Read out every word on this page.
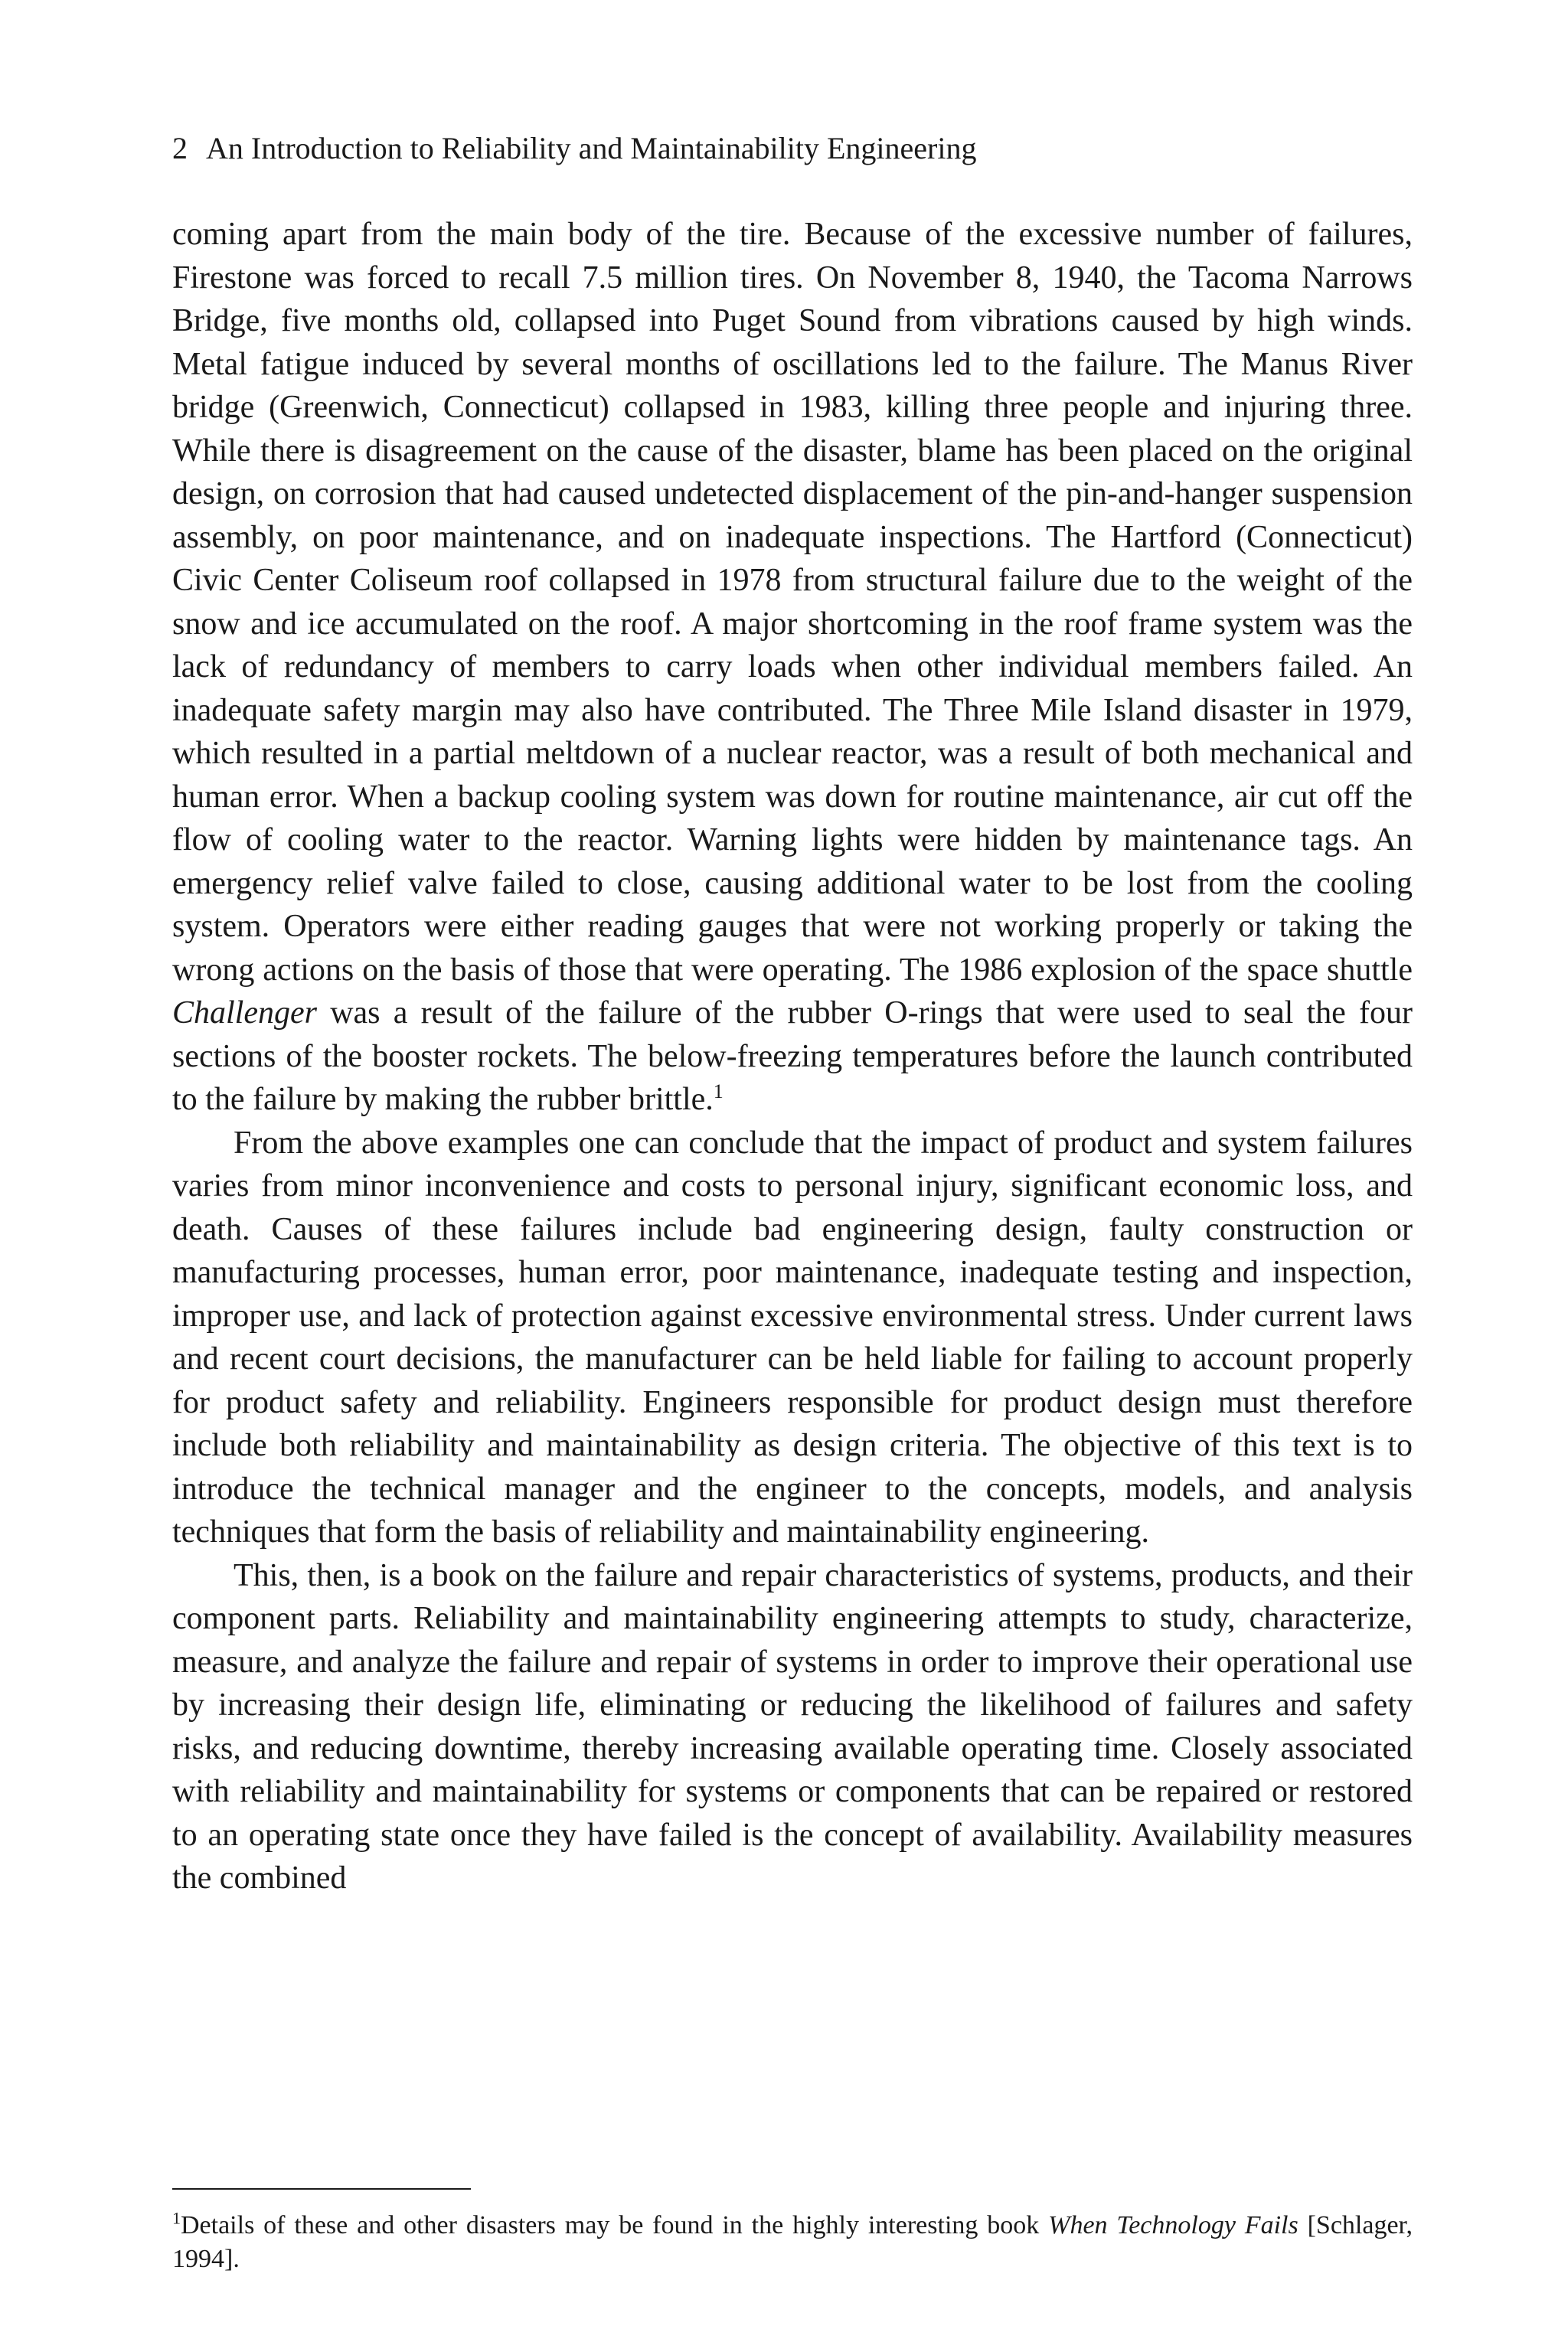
2 An Introduction to Reliability and Maintainability Engineering

coming apart from the main body of the tire. Because of the excessive number of failures, Firestone was forced to recall 7.5 million tires. On November 8, 1940, the Tacoma Narrows Bridge, five months old, collapsed into Puget Sound from vibrations caused by high winds. Metal fatigue induced by several months of oscillations led to the failure. The Manus River bridge (Greenwich, Connecticut) collapsed in 1983, killing three people and injuring three. While there is disagreement on the cause of the disaster, blame has been placed on the original design, on corrosion that had caused undetected displacement of the pin-and-hanger suspension assembly, on poor maintenance, and on inadequate inspections. The Hartford (Connecticut) Civic Center Coliseum roof collapsed in 1978 from structural failure due to the weight of the snow and ice accumulated on the roof. A major shortcoming in the roof frame system was the lack of redundancy of members to carry loads when other individual members failed. An inadequate safety margin may also have contributed. The Three Mile Island disaster in 1979, which resulted in a partial meltdown of a nuclear reactor, was a result of both mechanical and human error. When a backup cooling system was down for routine maintenance, air cut off the flow of cooling water to the reactor. Warning lights were hidden by maintenance tags. An emergency relief valve failed to close, causing additional water to be lost from the cooling system. Operators were either reading gauges that were not working properly or taking the wrong actions on the basis of those that were operating. The 1986 explosion of the space shuttle Challenger was a result of the failure of the rubber O-rings that were used to seal the four sections of the booster rockets. The below-freezing temperatures before the launch contributed to the failure by making the rubber brittle.$^1$

From the above examples one can conclude that the impact of product and system failures varies from minor inconvenience and costs to personal injury, significant economic loss, and death. Causes of these failures include bad engineering design, faulty construction or manufacturing processes, human error, poor maintenance, inadequate testing and inspection, improper use, and lack of protection against excessive environmental stress. Under current laws and recent court decisions, the manufacturer can be held liable for failing to account properly for product safety and reliability. Engineers responsible for product design must therefore include both reliability and maintainability as design criteria. The objective of this text is to introduce the technical manager and the engineer to the concepts, models, and analysis techniques that form the basis of reliability and maintainability engineering.

This, then, is a book on the failure and repair characteristics of systems, products, and their component parts. Reliability and maintainability engineering attempts to study, characterize, measure, and analyze the failure and repair of systems in order to improve their operational use by increasing their design life, eliminating or reducing the likelihood of failures and safety risks, and reducing downtime, thereby increasing available operating time. Closely associated with reliability and maintainability for systems or components that can be repaired or restored to an operating state once they have failed is the concept of availability. Availability measures the combined

$^1$Details of these and other disasters may be found in the highly interesting book When Technology Fails [Schlager, 1994].
